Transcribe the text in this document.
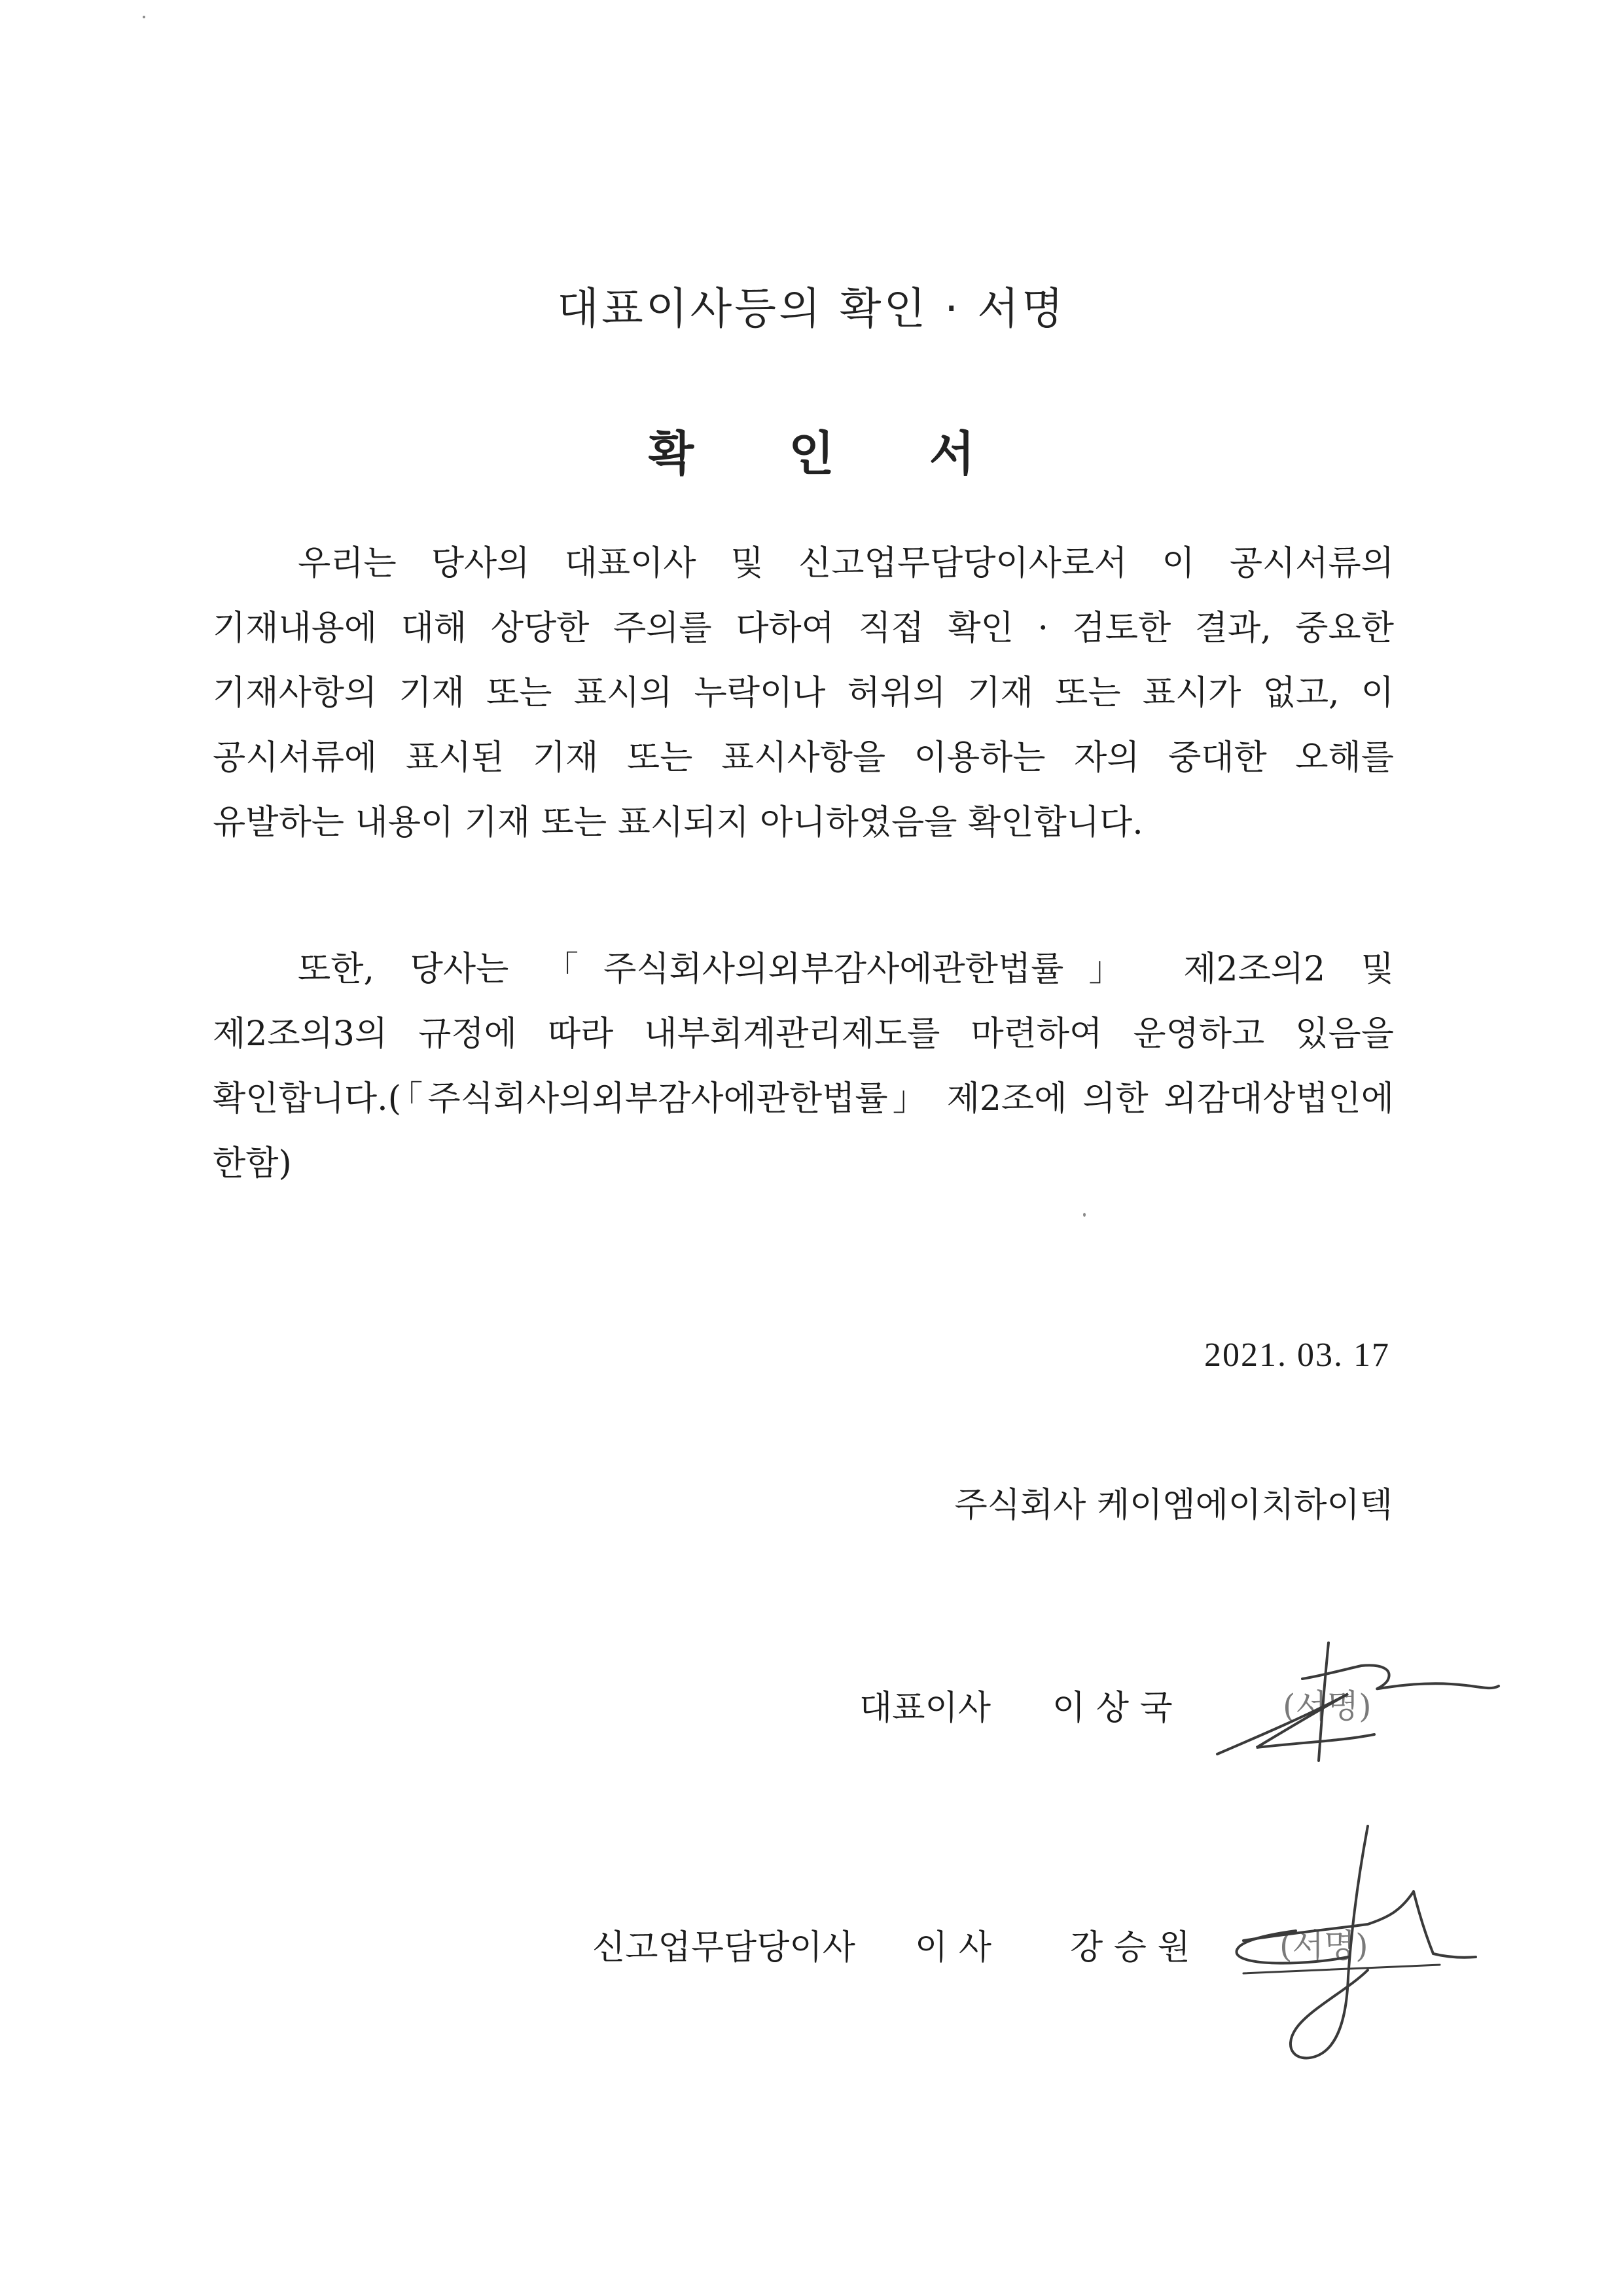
대표이사등의 확인 · 서명
확 인 서

우리는 당사의 대표이사 및 신고업무담당이사로서 이 공시서류의 기재내용에 대해 상당한 주의를 다하여 직접 확인 · 검토한 결과, 중요한 기재사항의 기재 또는 표시의 누락이나 허위의 기재 또는 표시가 없고, 이 공시서류에 표시된 기재 또는 표시사항을 이용하는 자의 중대한 오해를 유발하는 내용이 기재 또는 표시되지 아니하였음을 확인합니다.

또한, 당사는 「주식회사의외부감사에관한법률」 제2조의2 및 제2조의3의 규정에 따라 내부회계관리제도를 마련하여 운영하고 있음을 확인합니다.(「주식회사의외부감사에관한법률」 제2조에 의한 외감대상법인에 한함)

2021. 03. 17
주식회사 케이엠에이치하이텍
대표이사 이 상 국	(서명)
신고업무담당이사 이 사 강 승 원	(서명)
